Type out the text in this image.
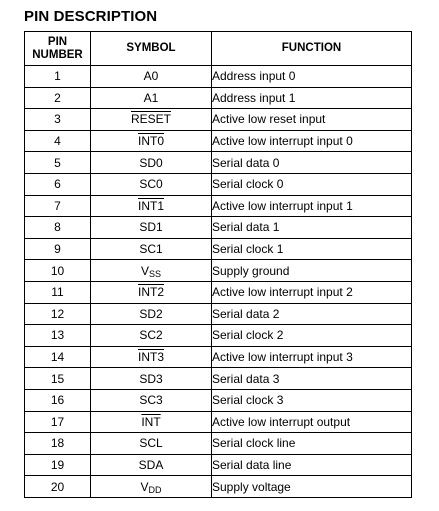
PIN DESCRIPTION
PIN NUMBER	SYMBOL	FUNCTION
1	A0	Address input 0
2	A1	Address input 1
3	RESET	Active low reset input
4	INT0	Active low interrupt input 0
5	SD0	Serial data 0
6	SC0	Serial clock 0
7	INT1	Active low interrupt input 1
8	SD1	Serial data 1
9	SC1	Serial clock 1
10	$V_{SS}$	Supply ground
11	INT2	Active low interrupt input 2
12	SD2	Serial data 2
13	SC2	Serial clock 2
14	INT3	Active low interrupt input 3
15	SD3	Serial data 3
16	SC3	Serial clock 3
17	$\overline{INT}$	Active low interrupt output
18	SCL	Serial clock line
19	SDA	Serial data line
20	$V_{DD}$	Supply voltage
